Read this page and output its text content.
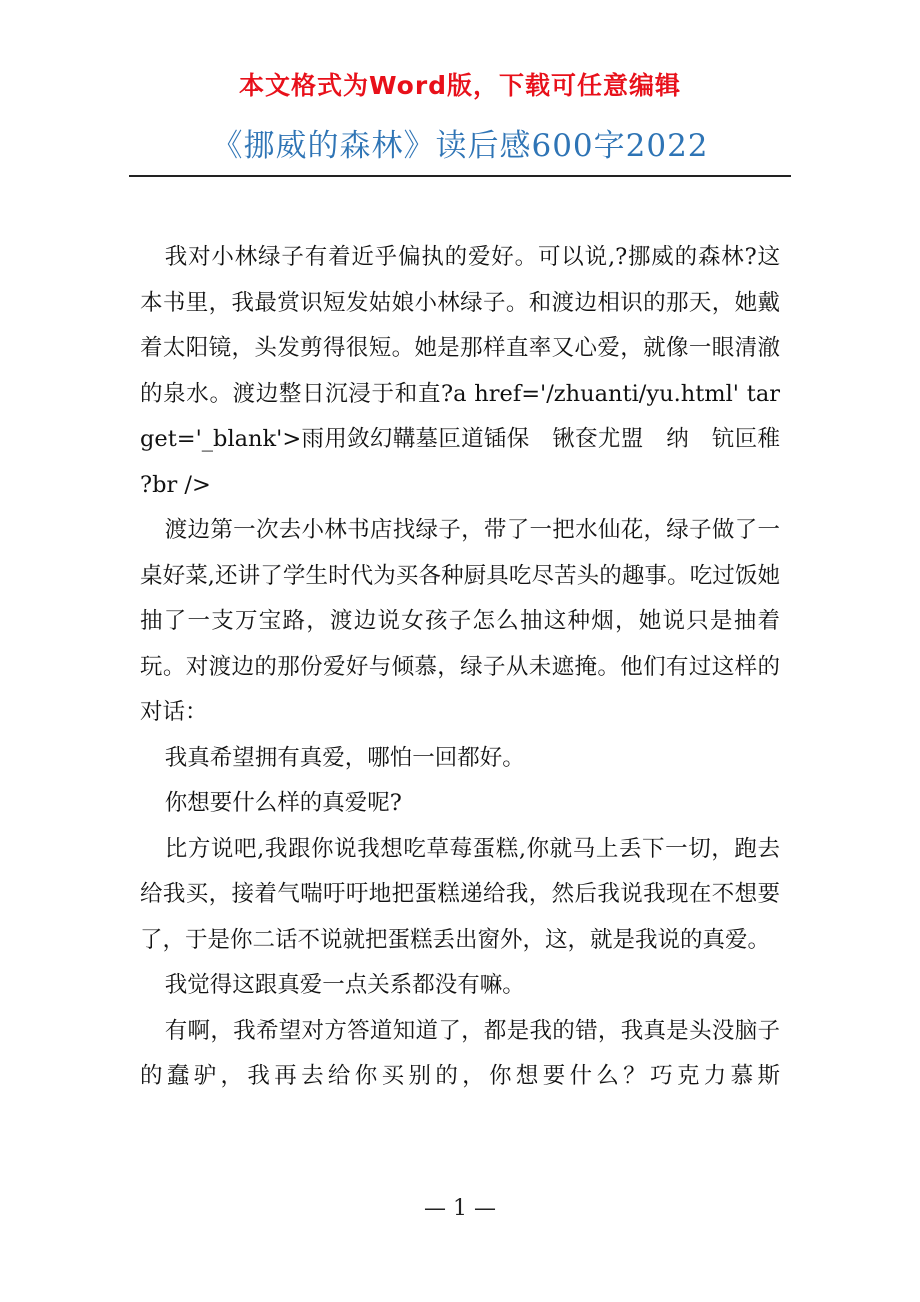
本文格式为Word版，下载可任意编辑
《挪威的森林》读后感600字2022

我对小林绿子有着近乎偏执的爱好。可以说,?挪威的森林?这本书里，我最赏识短发姑娘小林绿子。和渡边相识的那天，她戴着太阳镜，头发剪得很短。她是那样直率又心爱，就像一眼清澈的泉水。渡边整日沉浸于和直?a href='/zhuanti/yu.html' target='_blank'>雨用敛幻鞲墓叵道锸保　锹奁尤盟　纳　钪叵稚　　?br />

渡边第一次去小林书店找绿子，带了一把水仙花，绿子做了一桌好菜,还讲了学生时代为买各种厨具吃尽苦头的趣事。吃过饭她抽了一支万宝路，渡边说女孩子怎么抽这种烟，她说只是抽着玩。对渡边的那份爱好与倾慕，绿子从未遮掩。他们有过这样的对话：

我真希望拥有真爱，哪怕一回都好。

你想要什么样的真爱呢?

比方说吧,我跟你说我想吃草莓蛋糕,你就马上丢下一切，跑去给我买，接着气喘吁吁地把蛋糕递给我，然后我说我现在不想要了，于是你二话不说就把蛋糕丢出窗外，这，就是我说的真爱。

我觉得这跟真爱一点关系都没有嘛。

有啊，我希望对方答道知道了，都是我的错，我真是头没脑子的蠢驴，我再去给你买别的，你想要什么？巧克力慕斯

— 1 —
